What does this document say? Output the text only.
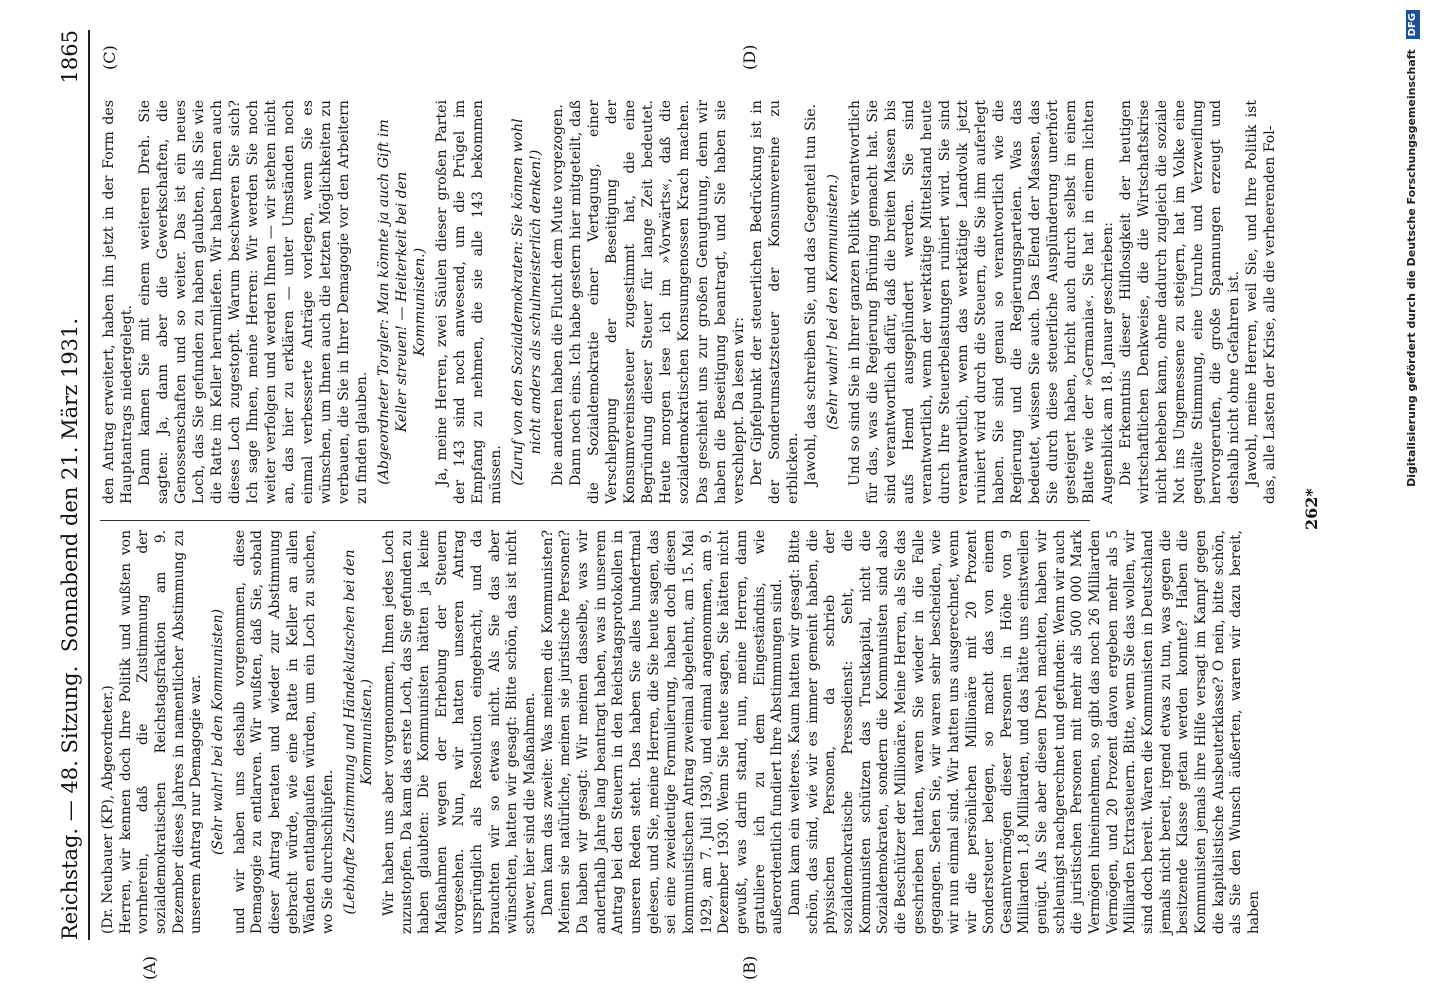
Reichstag. — 48. Sitzung.
Sonnabend den 21. März 1931.
1865
(A)	(B)
(C)	(D)

(Dr. Neubauer (KP), Abgeordneter.) Herren, wir kennen doch Ihre Politik und wußten von vornherein, daß die Zustimmung der sozialdemokratischen Reichstagsfraktion am 9. Dezember dieses Jahres in namentlicher Abstimmung zu unserem Antrag nur Demagogie war. (Sehr wahr! bei den Kommunisten) und wir haben uns deshalb vorgenommen, diese Demagogie zu entlarven. Wir wußten, daß Sie, sobald dieser Antrag beraten und wieder zur Abstimmung gebracht würde, wie eine Ratte in Keller an allen Wänden entlanglaufen würden, um ein Loch zu suchen, wo Sie durchschlüpfen. (Lebhafte Zustimmung und Händeklatschen bei den Kommunisten.) Wir haben uns aber vorgenommen, Ihnen jedes Loch zuzustopfen. Da kam das erste Loch, das Sie gefunden zu haben glaubten: Die Kommunisten hätten ja keine Maßnahmen wegen der Erhebung der Steuern vorgesehen. Nun, wir hatten unseren Antrag ursprünglich als Resolution eingebracht, und da brauchten wir so etwas nicht. Als Sie das aber wünschten, hatten wir gesagt: Bitte schön, das ist nicht schwer, hier sind die Maßnahmen. Dann kam das zweite: Was meinen die Kommunisten? Meinen sie natürliche, meinen sie juristische Personen? Da haben wir gesagt: Wir meinen dasselbe, was wir anderthalb Jahre lang beantragt haben, was in unserem Antrag bei den Steuern in den Reichstagsprotokollen in unseren Reden steht. Das haben Sie alles hundertmal gelesen, und Sie, meine Herren, die Sie heute sagen, das sei eine zweideutige Formulierung, haben doch diesen kommunistischen Antrag zweimal abgelehnt, am 15. Mai 1929, am 7. Juli 1930, und einmal angenommen, am 9. Dezember 1930. Wenn Sie heute sagen, Sie hätten nicht gewußt, was darin stand, nun, meine Herren, dann gratuliere ich zu dem Eingeständnis, wie außerordentlich fundiert Ihre Abstimmungen sind. Dann kam ein weiteres. Kaum hatten wir gesagt: Bitte schön, das sind, wie wir es immer gemeint haben, die physischen Personen, da schrieb der sozialdemokratische Pressedienst: Seht, die Kommunisten schützen das Trustkapital, nicht die Sozialdemokraten, sondern die Kommunisten sind also die Beschützer der Millionäre. Meine Herren, als Sie das geschrieben hatten, waren Sie wieder in die Falle gegangen. Sehen Sie, wir waren sehr bescheiden, wie wir nun einmal sind. Wir hatten uns ausgerechnet, wenn wir die persönlichen Millionäre mit 20 Prozent Sondersteuer belegen, so macht das von einem Gesamtvermögen dieser Personen in Höhe von 9 Milliarden 1,8 Milliarden, und das hätte uns einstweilen genügt. Als Sie aber diesen Dreh machten, haben wir schleunigst nachgerechnet und gefunden: Wenn wir auch die juristischen Personen mit mehr als 500 000 Mark Vermögen hineinnehmen, so gibt das noch 26 Milliarden Vermögen, und 20 Prozent davon ergeben mehr als 5 Milliarden Extrasteuern. Bitte, wenn Sie das wollen, wir sind doch bereit. Waren die Kommunisten in Deutschland jemals nicht bereit, irgend etwas zu tun, was gegen die besitzende Klasse getan werden konnte? Haben die Kommunisten jemals ihre Hilfe versagt im Kampf gegen die kapitalistische Ausbeuterklasse? O nein, bitte schön, als Sie den Wunsch äußerten, waren wir dazu bereit, haben

den Antrag erweitert, haben ihn jetzt in der Form des Hauptantrags niedergelegt. Dann kamen Sie mit einem weiteren Dreh. Sie sagten: Ja, dann aber die Gewerkschaften, die Genossenschaften und so weiter. Das ist ein neues Loch, das Sie gefunden zu haben glaubten, als Sie wie die Ratte im Keller herumliefen. Wir haben Ihnen auch dieses Loch zugestopft. Warum beschweren Sie sich? Ich sage Ihnen, meine Herren: Wir werden Sie noch weiter verfolgen und werden Ihnen — wir stehen nicht an, das hier zu erklären — unter Umständen noch einmal verbesserte Anträge vorlegen, wenn Sie es wünschen, um Ihnen auch die letzten Möglichkeiten zu verbauen, die Sie in Ihrer Demagogie vor den Arbeitern zu finden glauben. (Abgeordneter Torgler: Man könnte ja auch Gift im Keller streuen! — Heiterkeit bei den Kommunisten.) Ja, meine Herren, zwei Säulen dieser großen Partei der 143 sind noch anwesend, um die Prügel im Empfang zu nehmen, die sie alle 143 bekommen müssen. (Zuruf von den Sozialdemokraten: Sie können wohl nicht anders als schulmeisterlich denken!) Die anderen haben die Flucht dem Mute vorgezogen. Dann noch eins. Ich habe gestern hier mitgeteilt, daß die Sozialdemokratie einer Vertagung, einer Verschleppung der Beseitigung der Konsumvereinssteuer zugestimmt hat, die eine Begründung dieser Steuer für lange Zeit bedeutet. Heute morgen lese ich im »Vorwärts«, daß die sozialdemokratischen Konsumgenossen Krach machen. Das geschieht uns zur großen Genugtuung, denn wir haben die Beseitigung beantragt, und Sie haben sie verschleppt. Da lesen wir: Der Gipfelpunkt der steuerlichen Bedrückung ist in der Sonderumsatzsteuer der Konsumvereine zu erblicken. Jawohl, das schreiben Sie, und das Gegenteil tun Sie. (Sehr wahr! bei den Kommunisten.) Und so sind Sie in Ihrer ganzen Politik verantwortlich für das, was die Regierung Brüning gemacht hat. Sie sind verantwortlich dafür, daß die breiten Massen bis aufs Hemd ausgeplündert werden. Sie sind verantwortlich, wenn der werktätige Mittelstand heute durch Ihre Steuerbelastungen ruiniert wird. Sie sind verantwortlich, wenn das werktätige Landvolk jetzt ruiniert wird durch die Steuern, die Sie ihm auferlegt haben. Sie sind genau so verantwortlich wie die Regierung und die Regierungsparteien. Was das bedeutet, wissen Sie auch. Das Elend der Massen, das Sie durch diese steuerliche Ausplünderung unerhört gesteigert haben, bricht auch durch selbst in einem Blatte wie der »Germania«. Sie hat in einem lichten Augenblick am 18. Januar geschrieben: Die Erkenntnis dieser Hilflosigkeit der heutigen wirtschaftlichen Denkweise, die die Wirtschaftskrise nicht beheben kann, ohne dadurch zugleich die soziale Not ins Ungemessene zu steigern, hat im Volke eine gequälte Stimmung, eine Unruhe und Verzweiflung hervorgerufen, die große Spannungen erzeugt und deshalb nicht ohne Gefahren ist. Jawohl, meine Herren, weil Sie, und Ihre Politik ist das, alle Lasten der Krise, alle die verheerenden Fol-

262*
Digitalisierung gefördert durch die Deutsche Forschungsgemeinschaft DFG
